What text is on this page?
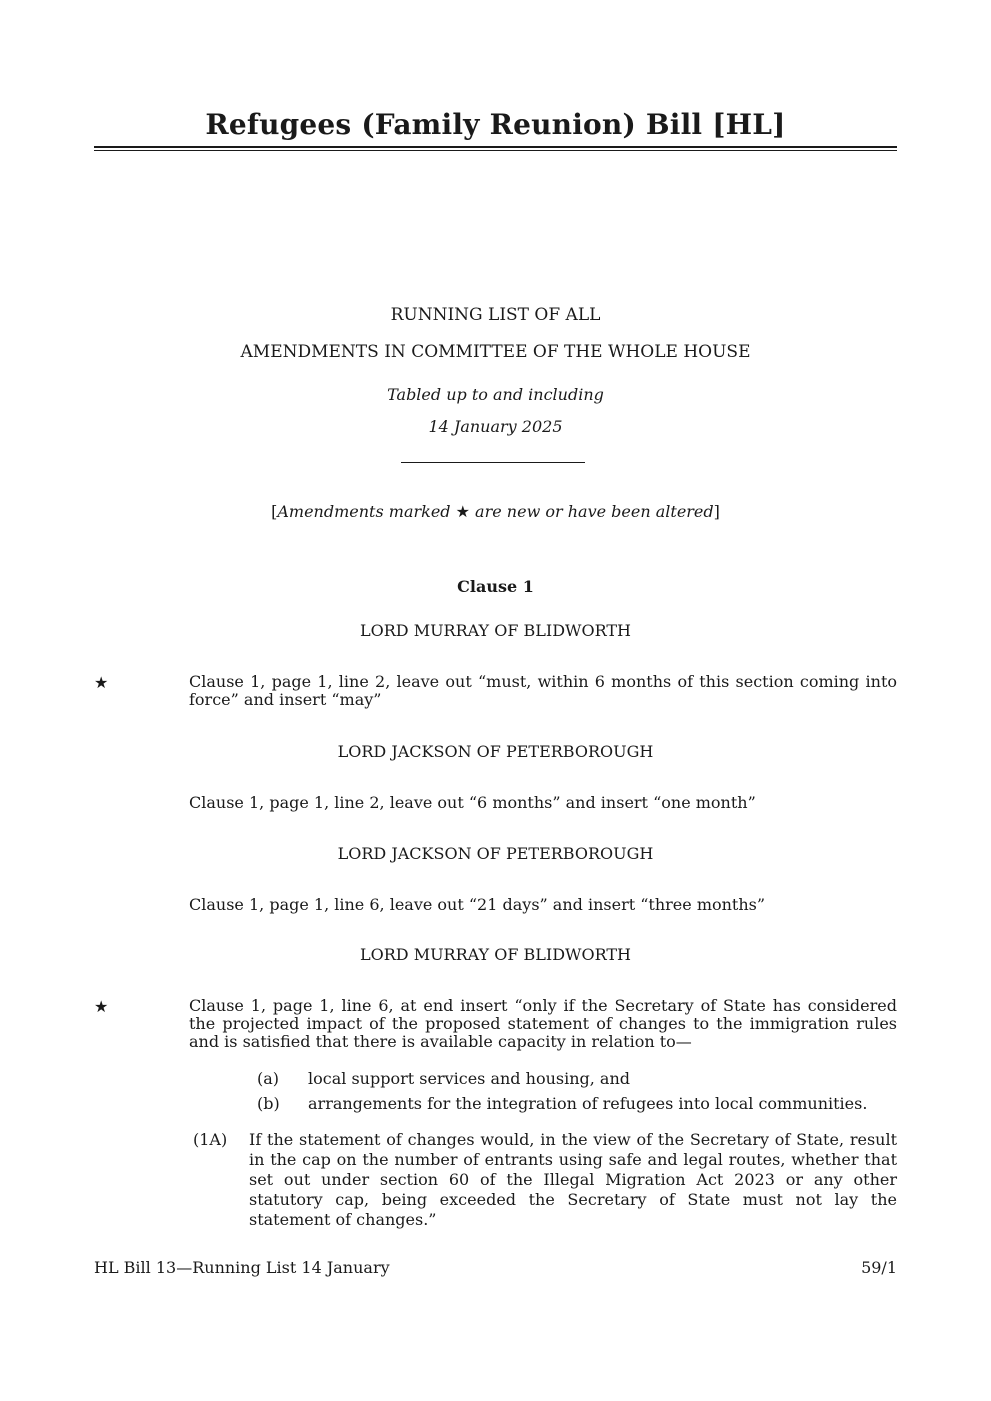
Refugees (Family Reunion) Bill [HL]
RUNNING LIST OF ALL
AMENDMENTS IN COMMITTEE OF THE WHOLE HOUSE
Tabled up to and including
14 January 2025
[Amendments marked ★ are new or have been altered]
Clause 1
LORD MURRAY OF BLIDWORTH
★	Clause 1, page 1, line 2, leave out “must, within 6 months of this section coming into force” and insert “may”

LORD JACKSON OF PETERBOROUGH

Clause 1, page 1, line 2, leave out “6 months” and insert “one month”

LORD JACKSON OF PETERBOROUGH

Clause 1, page 1, line 6, leave out “21 days” and insert “three months”

LORD MURRAY OF BLIDWORTH
★	Clause 1, page 1, line 6, at end insert “only if the Secretary of State has considered the projected impact of the proposed statement of changes to the immigration rules and is satisfied that there is available capacity in relation to—

(a) local support services and housing, and
(b) arrangements for the integration of refugees into local communities.
(1A) If the statement of changes would, in the view of the Secretary of State, result in the cap on the number of entrants using safe and legal routes, whether that set out under section 60 of the Illegal Migration Act 2023 or any other statutory cap, being exceeded the Secretary of State must not lay the statement of changes.”
HL Bill 13—Running List 14 January	59/1
